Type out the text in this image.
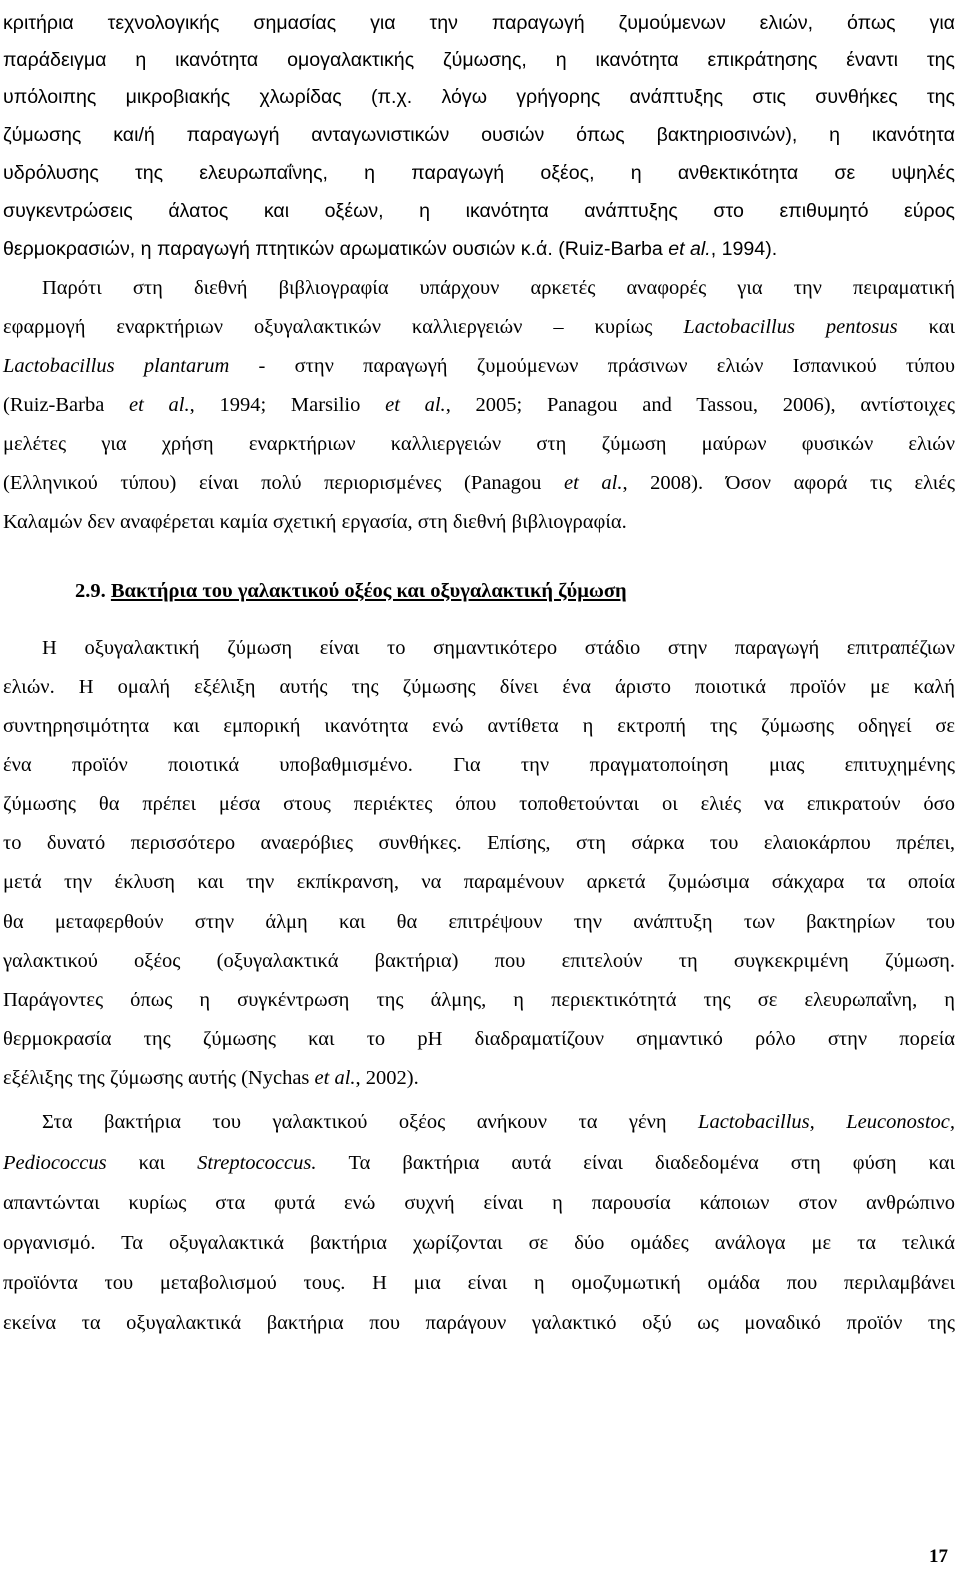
κριτήρια τεχνολογικής σημασίας για την παραγωγή ζυμούμενων ελιών, όπως για
παράδειγμα η ικανότητα ομογαλακτικής ζύμωσης, η ικανότητα επικράτησης έναντι της
υπόλοιπης μικροβιακής χλωρίδας (π.χ. λόγω γρήγορης ανάπτυξης στις συνθήκες της
ζύμωσης και/ή παραγωγή ανταγωνιστικών ουσιών όπως βακτηριοσινών), η ικανότητα
υδρόλυσης της ελευρωπαΐνης, η παραγωγή οξέος, η ανθεκτικότητα σε υψηλές
συγκεντρώσεις άλατος και οξέων, η ικανότητα ανάπτυξης στο επιθυμητό εύρος
θερμοκρασιών, η παραγωγή πτητικών αρωματικών ουσιών κ.ά. (Ruiz-Barba et al., 1994).
Παρότι στη διεθνή βιβλιογραφία υπάρχουν αρκετές αναφορές για την πειραματική
εφαρμογή εναρκτήριων οξυγαλακτικών καλλιεργειών – κυρίως Lactobacillus pentosus και
Lactobacillus plantarum - στην παραγωγή ζυμούμενων πράσινων ελιών Ισπανικού τύπου
(Ruiz-Barba et al., 1994; Marsilio et al., 2005; Panagou and Tassou, 2006), αντίστοιχες
μελέτες για χρήση εναρκτήριων καλλιεργειών στη ζύμωση μαύρων φυσικών ελιών
(Ελληνικού τύπου) είναι πολύ περιορισμένες (Panagou et al., 2008). Όσον αφορά τις ελιές
Καλαμών δεν αναφέρεται καμία σχετική εργασία, στη διεθνή βιβλιογραφία.
2.9. Βακτήρια του γαλακτικού οξέος και οξυγαλακτική ζύμωση
Η οξυγαλακτική ζύμωση είναι το σημαντικότερο στάδιο στην παραγωγή επιτραπέζιων
ελιών. Η ομαλή εξέλιξη αυτής της ζύμωσης δίνει ένα άριστο ποιοτικά προϊόν με καλή
συντηρησιμότητα και εμπορική ικανότητα ενώ αντίθετα η εκτροπή της ζύμωσης οδηγεί σε
ένα προϊόν ποιοτικά υποβαθμισμένο. Για την πραγματοποίηση μιας επιτυχημένης
ζύμωσης θα πρέπει μέσα στους περιέκτες όπου τοποθετούνται οι ελιές να επικρατούν όσο
το δυνατό περισσότερο αναερόβιες συνθήκες. Επίσης, στη σάρκα του ελαιοκάρπου πρέπει,
μετά την έκλυση και την εκπίκρανση, να παραμένουν αρκετά ζυμώσιμα σάκχαρα τα οποία
θα μεταφερθούν στην άλμη και θα επιτρέψουν την ανάπτυξη των βακτηρίων του
γαλακτικού οξέος (οξυγαλακτικά βακτήρια) που επιτελούν τη συγκεκριμένη ζύμωση.
Παράγοντες όπως η συγκέντρωση της άλμης, η περιεκτικότητά της σε ελευρωπαΐνη, η
θερμοκρασία της ζύμωσης και το pH διαδραματίζουν σημαντικό ρόλο στην πορεία
εξέλιξης της ζύμωσης αυτής (Nychas et al., 2002).
Στα βακτήρια του γαλακτικού οξέος ανήκουν τα γένη Lactobacillus, Leuconostoc,
Pediococcus και Streptococcus. Τα βακτήρια αυτά είναι διαδεδομένα στη φύση και
απαντώνται κυρίως στα φυτά ενώ συχνή είναι η παρουσία κάποιων στον ανθρώπινο
οργανισμό. Τα οξυγαλακτικά βακτήρια χωρίζονται σε δύο ομάδες ανάλογα με τα τελικά
προϊόντα του μεταβολισμού τους. Η μια είναι η ομοζυμωτική ομάδα που περιλαμβάνει
εκείνα τα οξυγαλακτικά βακτήρια που παράγουν γαλακτικό οξύ ως μοναδικό προϊόν της
17
